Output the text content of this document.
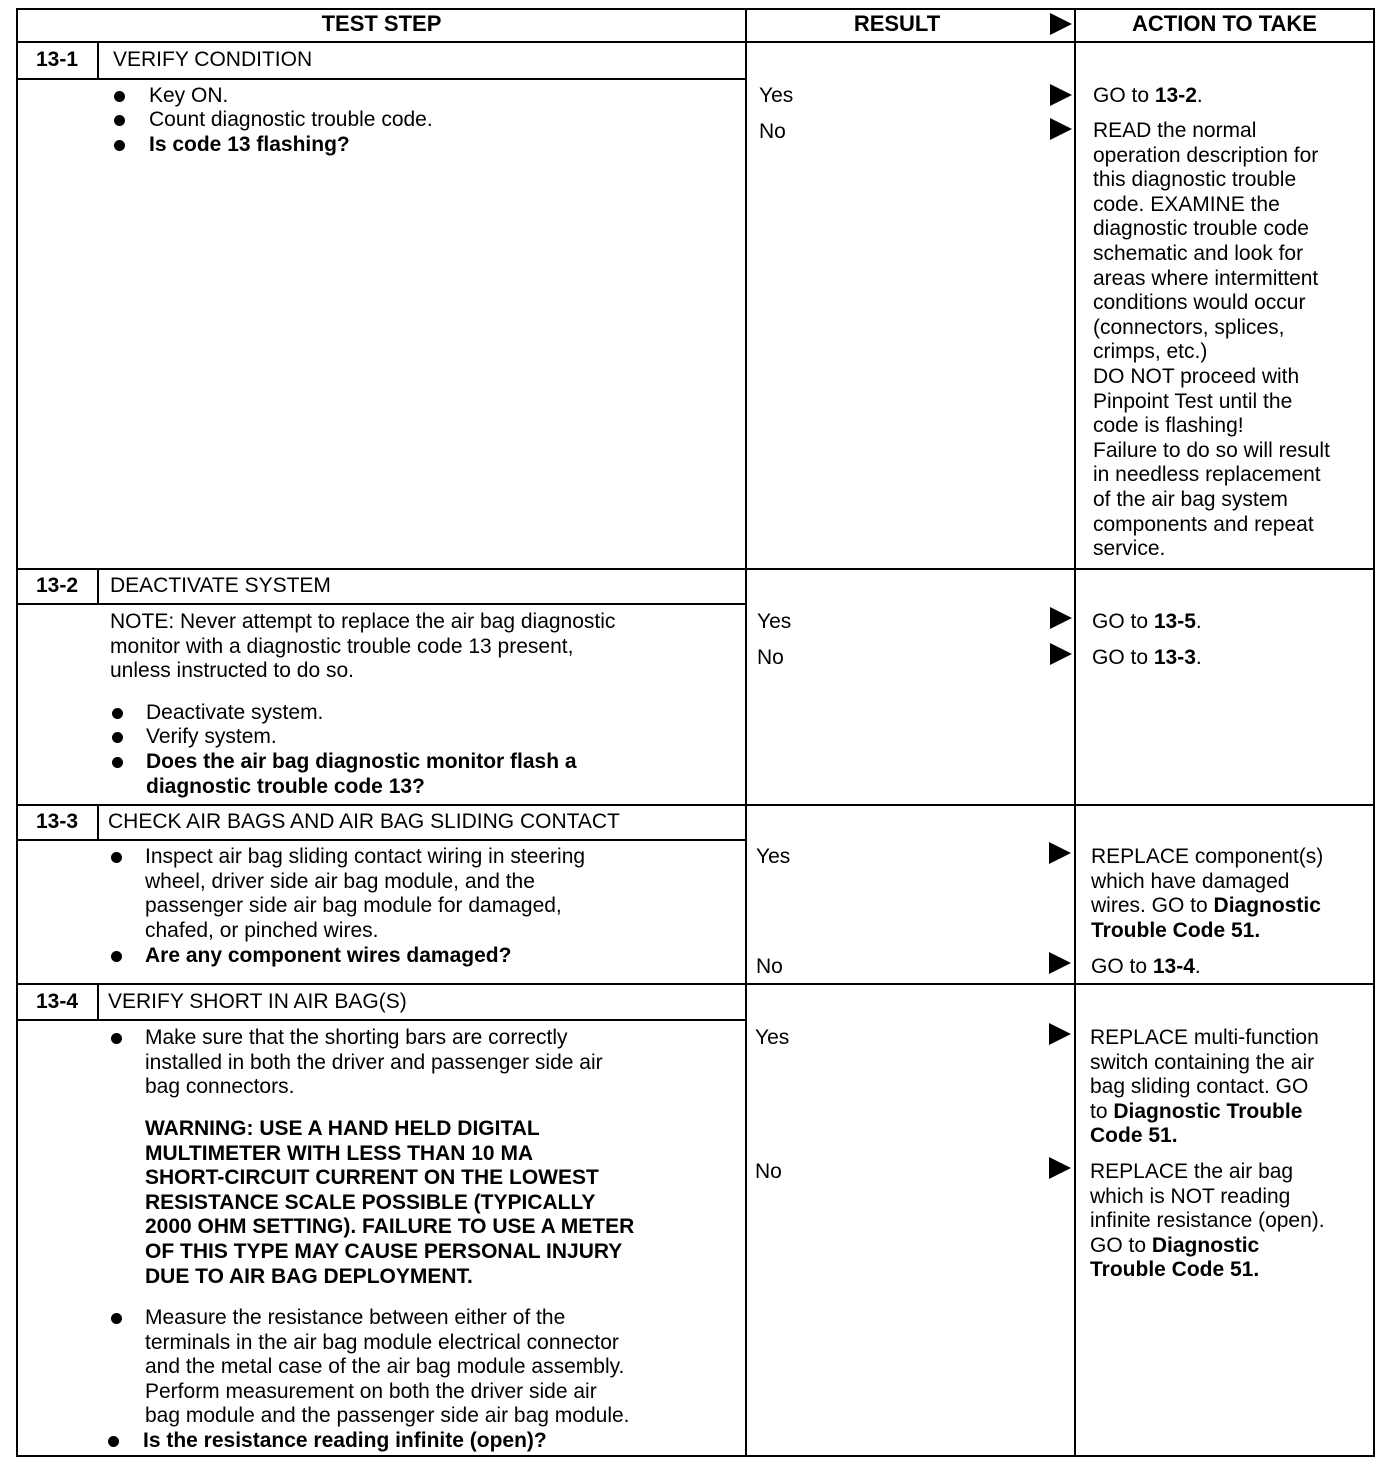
TEST STEP	RESULT	ACTION TO TAKE
13-1	VERIFY CONDITION
Key ON.
Count diagnostic trouble code.
Is code 13 flashing?
Yes	GO to 13-2.
No	READ the normal
operation description for
this diagnostic trouble
code. EXAMINE the
diagnostic trouble code
schematic and look for
areas where intermittent
conditions would occur
(connectors, splices,
crimps, etc.)
DO NOT proceed with
Pinpoint Test until the
code is flashing!
Failure to do so will result
in needless replacement
of the air bag system
components and repeat
service.
13-2	DEACTIVATE SYSTEM
NOTE: Never attempt to replace the air bag diagnostic
monitor with a diagnostic trouble code 13 present,
unless instructed to do so.
Deactivate system.
Verify system.
Does the air bag diagnostic monitor flash a
diagnostic trouble code 13?
Yes	GO to 13-5.
No	GO to 13-3.
13-3	CHECK AIR BAGS AND AIR BAG SLIDING CONTACT
Inspect air bag sliding contact wiring in steering
wheel, driver side air bag module, and the
passenger side air bag module for damaged,
chafed, or pinched wires.
Are any component wires damaged?
Yes	REPLACE component(s)
which have damaged
wires. GO to Diagnostic
Trouble Code 51.
No	GO to 13-4.
13-4	VERIFY SHORT IN AIR BAG(S)
Make sure that the shorting bars are correctly
installed in both the driver and passenger side air
bag connectors.
WARNING: USE A HAND HELD DIGITAL
MULTIMETER WITH LESS THAN 10 MA
SHORT-CIRCUIT CURRENT ON THE LOWEST
RESISTANCE SCALE POSSIBLE (TYPICALLY
2000 OHM SETTING). FAILURE TO USE A METER
OF THIS TYPE MAY CAUSE PERSONAL INJURY
DUE TO AIR BAG DEPLOYMENT.
Measure the resistance between either of the
terminals in the air bag module electrical connector
and the metal case of the air bag module assembly.
Perform measurement on both the driver side air
bag module and the passenger side air bag module.
Is the resistance reading infinite (open)?
Yes	REPLACE multi-function
switch containing the air
bag sliding contact. GO
to Diagnostic Trouble
Code 51.
No	REPLACE the air bag
which is NOT reading
infinite resistance (open).
GO to Diagnostic
Trouble Code 51.
